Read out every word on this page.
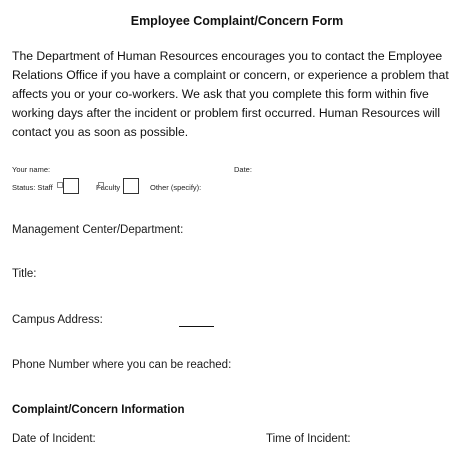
Employee Complaint/Concern Form
The Department of Human Resources encourages you to contact the Employee Relations Office if you have a complaint or concern, or experience a problem that affects you or your co-workers. We ask that you complete this form within five working days after the incident or problem first occurred. Human Resources will contact you as soon as possible.
Your name:	Date:
Status: Staff	Faculty	Other (specify):
Management Center/Department:
Title:
Campus Address:
Phone Number where you can be reached:
Complaint/Concern Information
Date of Incident:	Time of Incident:
